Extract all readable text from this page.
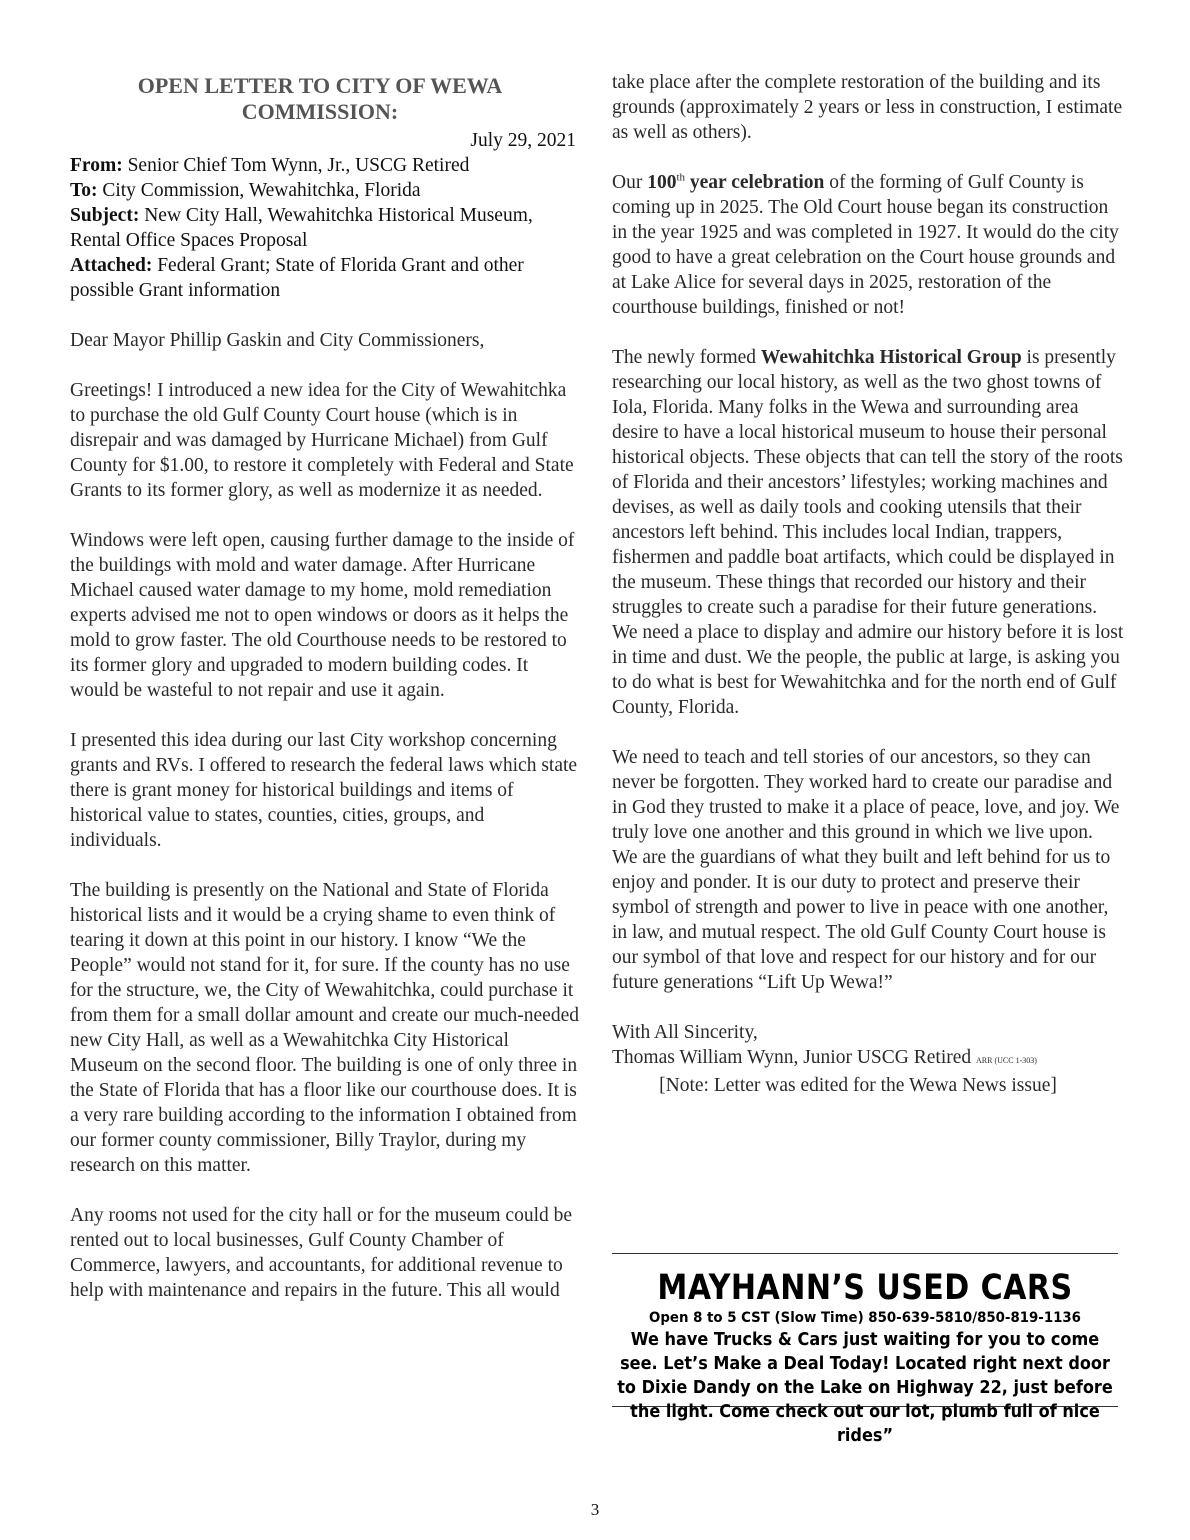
OPEN LETTER TO CITY OF WEWA COMMISSION:
July 29, 2021
From: Senior Chief Tom Wynn, Jr., USCG Retired
To: City Commission, Wewahitchka, Florida
Subject: New City Hall, Wewahitchka Historical Museum, Rental Office Spaces Proposal
Attached: Federal Grant; State of Florida Grant and other possible Grant information

Dear Mayor Phillip Gaskin and City Commissioners,

Greetings! I introduced a new idea for the City of Wewahitchka to purchase the old Gulf County Court house (which is in disrepair and was damaged by Hurricane Michael) from Gulf County for $1.00, to restore it completely with Federal and State Grants to its former glory, as well as modernize it as needed.

Windows were left open, causing further damage to the inside of the buildings with mold and water damage. After Hurricane Michael caused water damage to my home, mold remediation experts advised me not to open windows or doors as it helps the mold to grow faster. The old Courthouse needs to be restored to its former glory and upgraded to modern building codes. It would be wasteful to not repair and use it again.

I presented this idea during our last City workshop concerning grants and RVs. I offered to research the federal laws which state there is grant money for historical buildings and items of historical value to states, counties, cities, groups, and individuals.

The building is presently on the National and State of Florida historical lists and it would be a crying shame to even think of tearing it down at this point in our history. I know “We the People” would not stand for it, for sure. If the county has no use for the structure, we, the City of Wewahitchka, could purchase it from them for a small dollar amount and create our much-needed new City Hall, as well as a Wewahitchka City Historical Museum on the second floor. The building is one of only three in the State of Florida that has a floor like our courthouse does. It is a very rare building according to the information I obtained from our former county commissioner, Billy Traylor, during my research on this matter.

Any rooms not used for the city hall or for the museum could be rented out to local businesses, Gulf County Chamber of Commerce, lawyers, and accountants, for additional revenue to help with maintenance and repairs in the future. This all would

take place after the complete restoration of the building and its grounds (approximately 2 years or less in construction, I estimate as well as others).

Our 100th year celebration of the forming of Gulf County is coming up in 2025. The Old Court house began its construction in the year 1925 and was completed in 1927. It would do the city good to have a great celebration on the Court house grounds and at Lake Alice for several days in 2025, restoration of the courthouse buildings, finished or not!

The newly formed Wewahitchka Historical Group is presently researching our local history, as well as the two ghost towns of Iola, Florida. Many folks in the Wewa and surrounding area desire to have a local historical museum to house their personal historical objects. These objects that can tell the story of the roots of Florida and their ancestors’ lifestyles; working machines and devises, as well as daily tools and cooking utensils that their ancestors left behind. This includes local Indian, trappers, fishermen and paddle boat artifacts, which could be displayed in the museum. These things that recorded our history and their struggles to create such a paradise for their future generations. We need a place to display and admire our history before it is lost in time and dust. We the people, the public at large, is asking you to do what is best for Wewahitchka and for the north end of Gulf County, Florida.

We need to teach and tell stories of our ancestors, so they can never be forgotten. They worked hard to create our paradise and in God they trusted to make it a place of peace, love, and joy. We truly love one another and this ground in which we live upon.

We are the guardians of what they built and left behind for us to enjoy and ponder. It is our duty to protect and preserve their symbol of strength and power to live in peace with one another, in law, and mutual respect. The old Gulf County Court house is our symbol of that love and respect for our history and for our future generations “Lift Up Wewa!”

With All Sincerity,
Thomas William Wynn, Junior USCG Retired ARR (UCC 1-303)
[Note: Letter was edited for the Wewa News issue]
MAYHANN’S USED CARS
Open 8 to 5 CST (Slow Time) 850-639-5810/850-819-1136
We have Trucks & Cars just waiting for you to come see. Let’s Make a Deal Today! Located right next door to Dixie Dandy on the Lake on Highway 22, just before the light. Come check out our lot, plumb full of nice rides”
3
